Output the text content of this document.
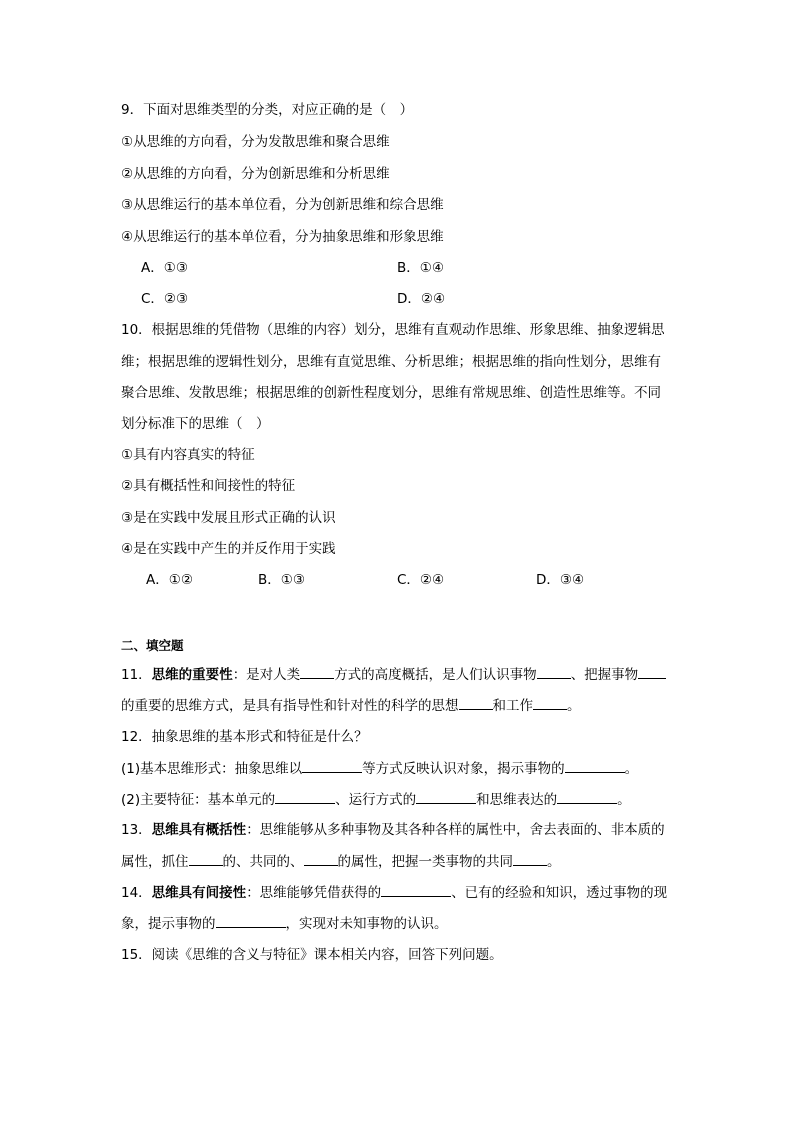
9．下面对思维类型的分类，对应正确的是（　）
①从思维的方向看，分为发散思维和聚合思维
②从思维的方向看，分为创新思维和分析思维
③从思维运行的基本单位看，分为创新思维和综合思维
④从思维运行的基本单位看，分为抽象思维和形象思维
A．①③	B．①④
C．②③	D．②④
10．根据思维的凭借物（思维的内容）划分，思维有直观动作思维、形象思维、抽象逻辑思
维；根据思维的逻辑性划分，思维有直觉思维、分析思维；根据思维的指向性划分，思维有
聚合思维、发散思维；根据思维的创新性程度划分，思维有常规思维、创造性思维等。不同
划分标准下的思维（　）
①具有内容真实的特征
②具有概括性和间接性的特征
③是在实践中发展且形式正确的认识
④是在实践中产生的并反作用于实践
A．①②	B．①③	C．②④	D．③④
二、填空题
11．思维的重要性：是对人类	方式的高度概括，是人们认识事物	、把握事物
的重要的思维方式，是具有指导性和针对性的科学的思想	和工作	。
12．抽象思维的基本形式和特征是什么？
(1)基本思维形式：抽象思维以	等方式反映认识对象，揭示事物的	。
(2)主要特征：基本单元的	、运行方式的	和思维表达的	。
13．思维具有概括性：思维能够从多种事物及其各种各样的属性中，舍去表面的、非本质的
属性，抓住	的、共同的、	的属性，把握一类事物的共同	。
14．思维具有间接性：思维能够凭借获得的	、已有的经验和知识，透过事物的现
象，提示事物的	，实现对未知事物的认识。
15．阅读《思维的含义与特征》课本相关内容，回答下列问题。
